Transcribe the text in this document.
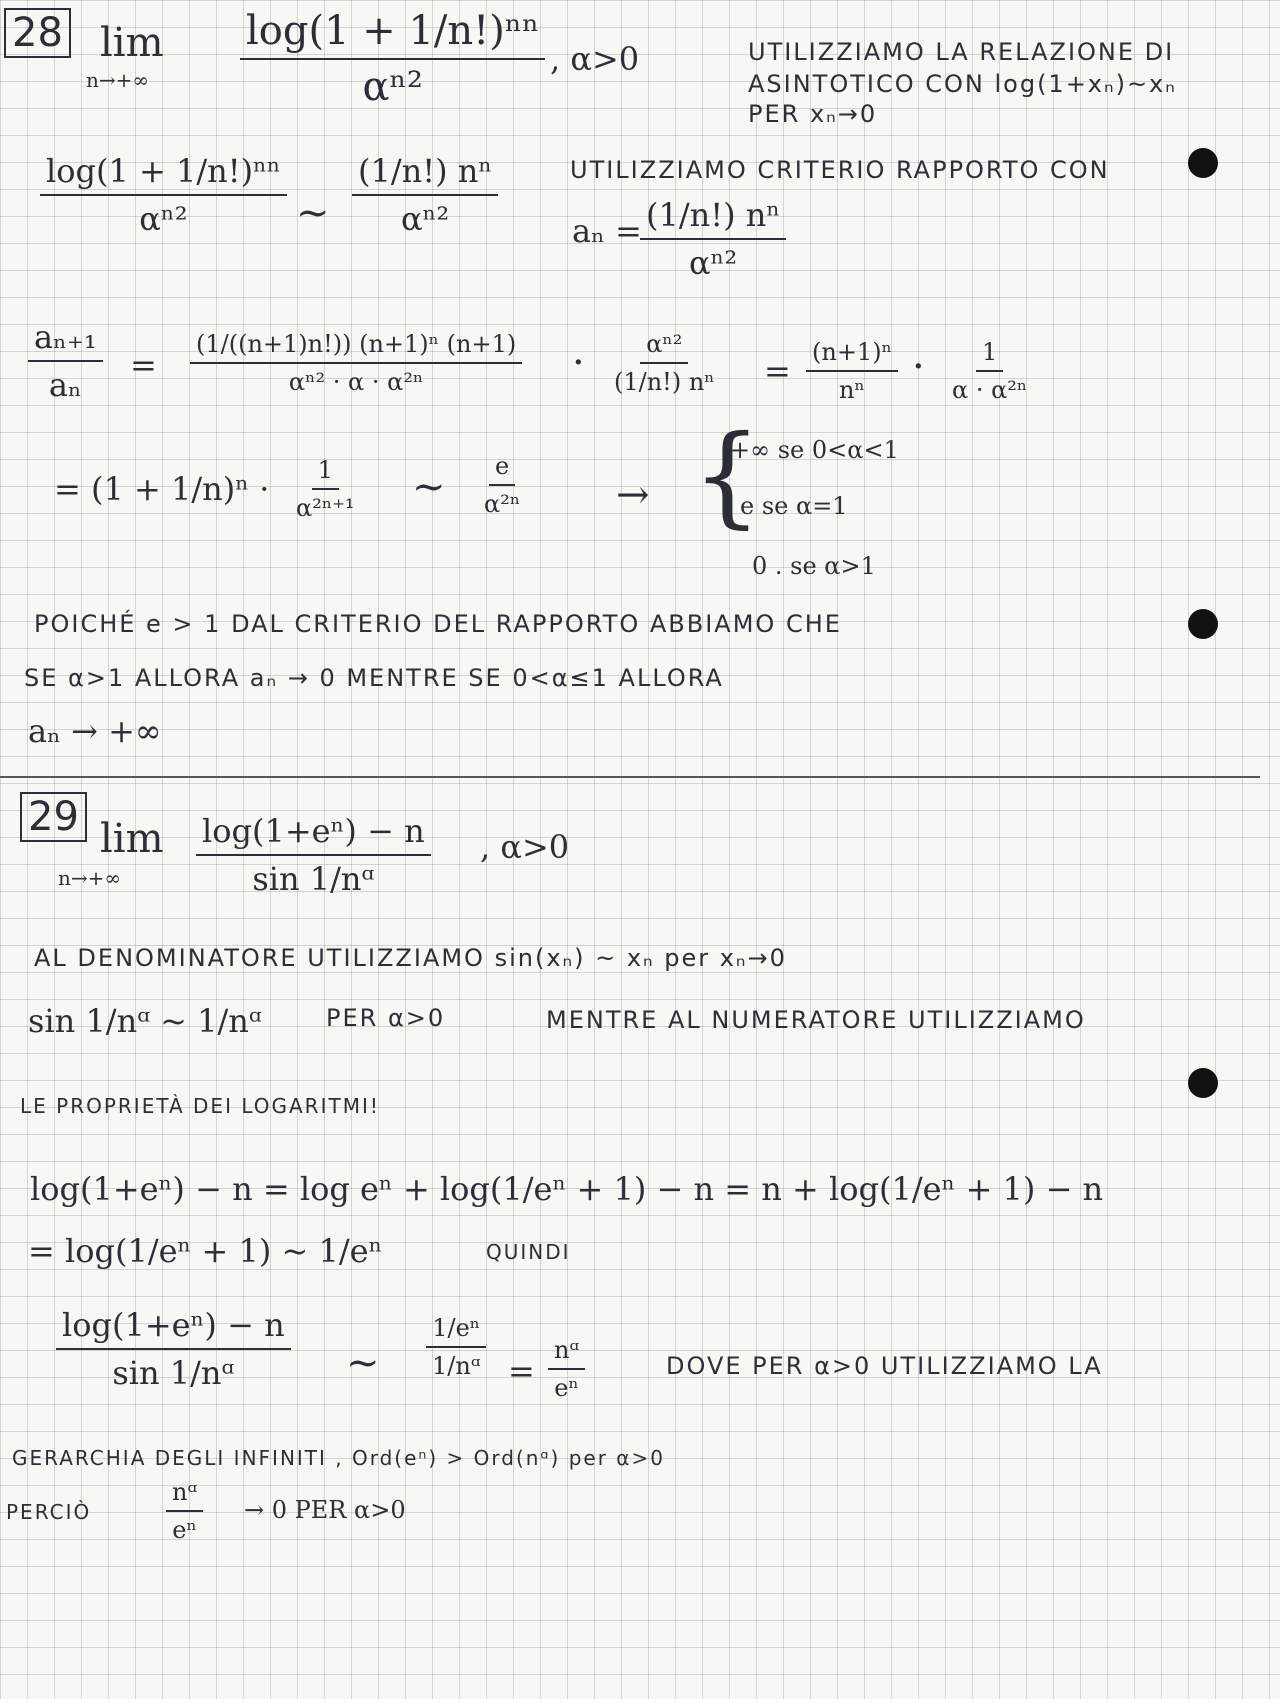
28 lim
$n\to+\infty \frac{\text{log(1 + 1/n!)ⁿⁿ}}{\text{αⁿ²}}$ , α>0	UTILIZZIAMO LA RELAZIONE DI
ASINTOTICO CON log(1+xₙ)~xₙ
PER xₙ→0
$\frac{\text{log(1 + 1/n!)ⁿⁿ}}{\text{αⁿ²}}$ ~ $\frac{\text{(1/n!) nⁿ}}{\text{αⁿ²}}$	UTILIZZIAMO CRITERIO RAPPORTO CON
aₙ =
$\frac{\text{(1/n!) nⁿ}}{\text{αⁿ²}}$
$\frac{\text{aₙ₊₁}}{\text{aₙ}} = \frac{\text{(1/((n+1)n!)) (n+1)ⁿ (n+1)}}{\text{αⁿ² · α · α²ⁿ}} \cdot \frac{\text{αⁿ²}}{\text{(1/n!) nⁿ}} = \frac{\text{(n+1)ⁿ}}{\text{nⁿ}} \cdot \frac{1}{\text{α · α²ⁿ}}$
= $(1 + 1/n)^n \cdot \frac{1}{\text{α²ⁿ⁺¹}}$ ~ $\frac{e}{\text{α²ⁿ}}$ → {
+∞ se 0<α<1
e se α=1
0 . se α>1
POICHÉ e > 1 DAL CRITERIO DEL RAPPORTO ABBIAMO CHE
SE α>1 ALLORA aₙ → 0 MENTRE SE 0<α≤1 ALLORA
aₙ → +∞
29 lim
$n\to+\infty \frac{\text{log(1+eⁿ) − n}}{\text{sin 1/nᵅ}}$ , α>0
AL DENOMINATORE UTILIZZIAMO sin(xₙ) ~ xₙ per xₙ→0
sin 1/nᵅ ~ 1/nᵅ	PER α>0	MENTRE AL NUMERATORE UTILIZZIAMO
LE PROPRIETÀ DEI LOGARITMI!
log(1+eⁿ) − n = log eⁿ + log(1/eⁿ + 1) − n = n + log(1/eⁿ + 1) − n
= log(1/eⁿ + 1) ~ 1/eⁿ	QUINDI
$\frac{\text{log(1+eⁿ) − n}}{\text{sin 1/nᵅ}}$ ~ $\frac{\text{1/eⁿ}}{\text{1/nᵅ}} = \frac{\text{nᵅ}}{\text{eⁿ}}$	DOVE PER α>0 UTILIZZIAMO LA
GERARCHIA DEGLI INFINITI , Ord(eⁿ) > Ord(nᵅ) per α>0
PERCIÒ	$\frac{\text{nᵅ}}{\text{eⁿ}} \to 0$ PER α>0
